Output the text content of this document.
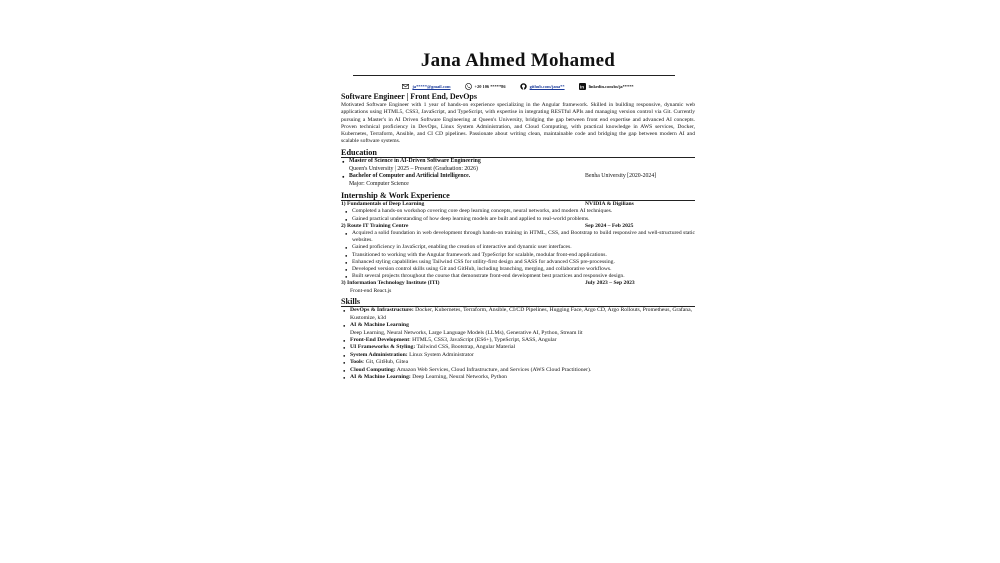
Jana Ahmed Mohamed
ja*****@gmail.com	+20 106 *****86	github.com/jana** in linkedin.com/in/ja*****
Software Engineer | Front End, DevOps
Motivated Software Engineer with 1 year of hands-on experience specializing in the Angular framework. Skilled in building responsive, dynamic web applications using HTML5, CSS3, JavaScript, and TypeScript, with expertise in integrating RESTful APIs and managing version control via Git. Currently pursuing a Master's in AI Driven Software Engineering at Queen's University, bridging the gap between front end expertise and advanced AI concepts. Proven technical proficiency in DevOps, Linux System Administration, and Cloud Computing, with practical knowledge in AWS services, Docker, Kubernetes, Terraform, Ansible, and CI CD pipelines. Passionate about writing clean, maintainable code and bridging the gap between modern AI and scalable software systems.
Education
● Master of Science in AI-Driven Software Engineering
Queen's University | 2025 – Present (Graduation: 2026)
● Bachelor of Computer and Artificial Intelligence.	Benha University [2020-2024]
Major: Computer Science
Internship & Work Experience
1) Fundamentals of Deep Learning	NVIDIA & Digilians
● Completed a hands-on workshop covering core deep learning concepts, neural networks, and modern AI techniques.
● Gained practical understanding of how deep learning models are built and applied to real-world problems.
2) Route IT Training Centre	Sep 2024 – Feb 2025
● Acquired a solid foundation in web development through hands-on training in HTML, CSS, and Bootstrap to build responsive and well-structured static websites.
● Gained proficiency in JavaScript, enabling the creation of interactive and dynamic user interfaces.
● Transitioned to working with the Angular framework and TypeScript for scalable, modular front-end applications.
● Enhanced styling capabilities using Tailwind CSS for utility-first design and SASS for advanced CSS pre-processing.
● Developed version control skills using Git and GitHub, including branching, merging, and collaborative workflows.
● Built several projects throughout the course that demonstrate front-end development best practices and responsive design.
3) Information Technology Institute (ITI)	July 2023 – Sep 2023
Front-end React.js
Skills
● DevOps & Infrastructure: Docker, Kubernetes, Terraform, Ansible, CI/CD Pipelines, Hugging Face, Argo CD, Argo Rollouts, Prometheus, Grafana, Kustomize, k3d
● AI & Machine Learning
Deep Learning, Neural Networks, Large Language Models (LLMs), Generative AI, Python, Stream lit
● Front-End Development: HTML5, CSS3, JavaScript (ES6+), TypeScript, SASS, Angular
● UI Frameworks & Styling: Tailwind CSS, Bootstrap, Angular Material
● System Administration: Linux System Administrator
● Tools: Git, GitHub, Gitea
● Cloud Computing: Amazon Web Services, Cloud Infrastructure, and Services (AWS Cloud Practitioner).
● AI & Machine Learning: Deep Learning, Neural Networks, Python
